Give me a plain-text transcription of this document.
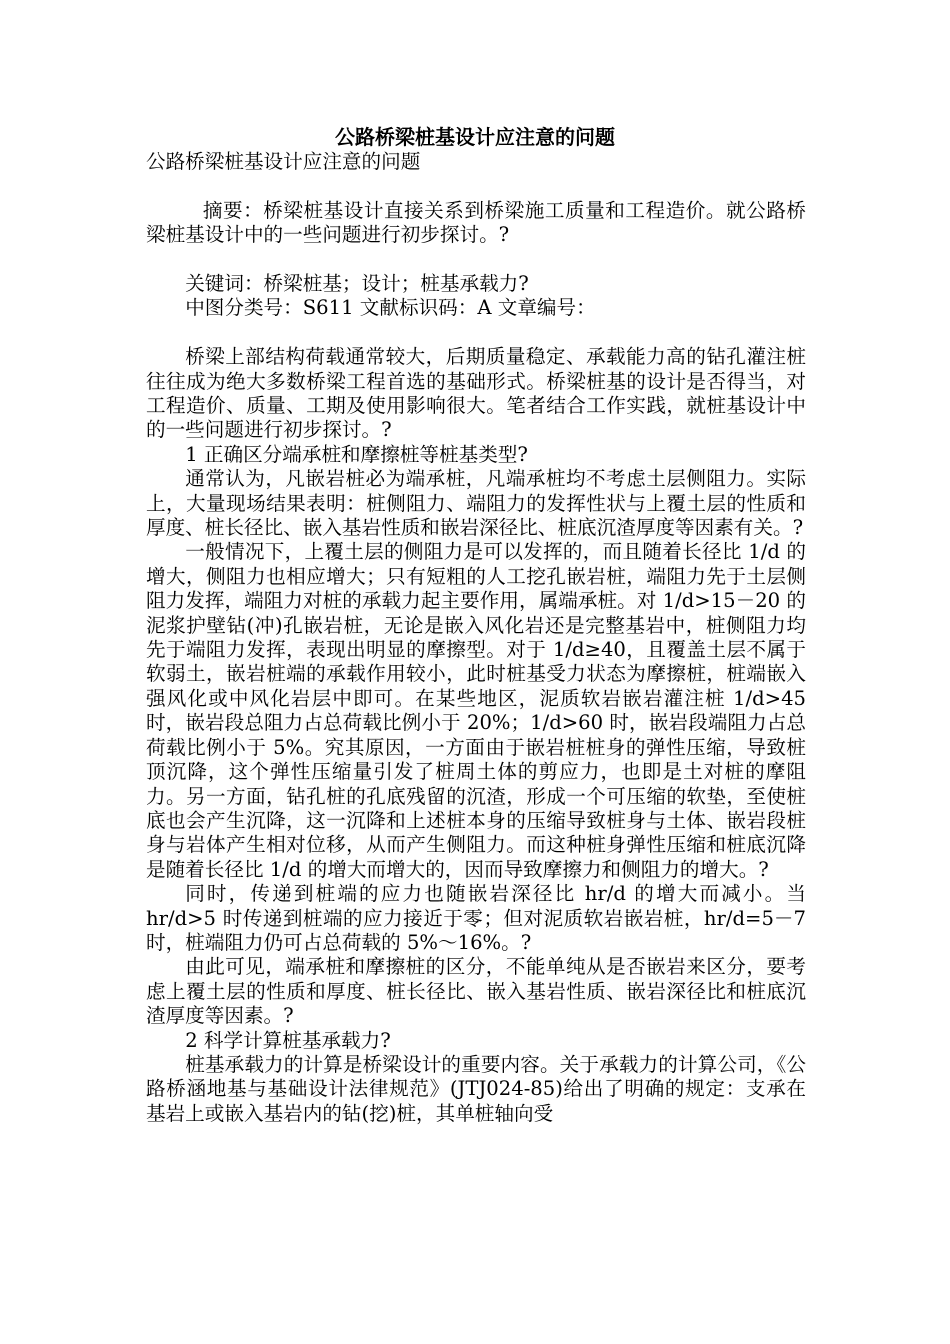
公路桥梁桩基设计应注意的问题

公路桥梁桩基设计应注意的问题

摘要：桥梁桩基设计直接关系到桥梁施工质量和工程造价。就公路桥梁桩基设计中的一些问题进行初步探讨。?

关键词：桥梁桩基；设计；桩基承载力?

中图分类号：S611 文献标识码：A 文章编号：

桥梁上部结构荷载通常较大，后期质量稳定、承载能力高的钻孔灌注桩往往成为绝大多数桥梁工程首选的基础形式。桥梁桩基的设计是否得当，对工程造价、质量、工期及使用影响很大。笔者结合工作实践，就桩基设计中的一些问题进行初步探讨。?

1 正确区分端承桩和摩擦桩等桩基类型?

通常认为，凡嵌岩桩必为端承桩，凡端承桩均不考虑土层侧阻力。实际上，大量现场结果表明：桩侧阻力、端阻力的发挥性状与上覆土层的性质和厚度、桩长径比、嵌入基岩性质和嵌岩深径比、桩底沉渣厚度等因素有关。?

一般情况下，上覆土层的侧阻力是可以发挥的，而且随着长径比 1/d 的增大，侧阻力也相应增大；只有短粗的人工挖孔嵌岩桩，端阻力先于土层侧阻力发挥，端阻力对桩的承载力起主要作用，属端承桩。对 1/d>15－20 的泥浆护壁钻(冲)孔嵌岩桩，无论是嵌入风化岩还是完整基岩中，桩侧阻力均先于端阻力发挥，表现出明显的摩擦型。对于 1/d≥40，且覆盖土层不属于软弱土，嵌岩桩端的承载作用较小，此时桩基受力状态为摩擦桩，桩端嵌入强风化或中风化岩层中即可。在某些地区，泥质软岩嵌岩灌注桩 1/d>45 时，嵌岩段总阻力占总荷载比例小于 20%；1/d>60 时，嵌岩段端阻力占总荷载比例小于 5%。究其原因，一方面由于嵌岩桩桩身的弹性压缩，导致桩顶沉降，这个弹性压缩量引发了桩周土体的剪应力，也即是土对桩的摩阻力。另一方面，钻孔桩的孔底残留的沉渣，形成一个可压缩的软垫，至使桩底也会产生沉降，这一沉降和上述桩本身的压缩导致桩身与土体、嵌岩段桩身与岩体产生相对位移，从而产生侧阻力。而这种桩身弹性压缩和桩底沉降是随着长径比 1/d 的增大而增大的，因而导致摩擦力和侧阻力的增大。?

同时，传递到桩端的应力也随嵌岩深径比 hr/d 的增大而减小。当 hr/d>5 时传递到桩端的应力接近于零；但对泥质软岩嵌岩桩，hr/d=5－7 时，桩端阻力仍可占总荷载的 5%～16%。?

由此可见，端承桩和摩擦桩的区分，不能单纯从是否嵌岩来区分，要考虑上覆土层的性质和厚度、桩长径比、嵌入基岩性质、嵌岩深径比和桩底沉渣厚度等因素。?

2 科学计算桩基承载力?

桩基承载力的计算是桥梁设计的重要内容。关于承载力的计算公司，《公路桥涵地基与基础设计法律规范》(JTJ024-85)给出了明确的规定：支承在基岩上或嵌入基岩内的钻(挖)桩，其单桩轴向受
